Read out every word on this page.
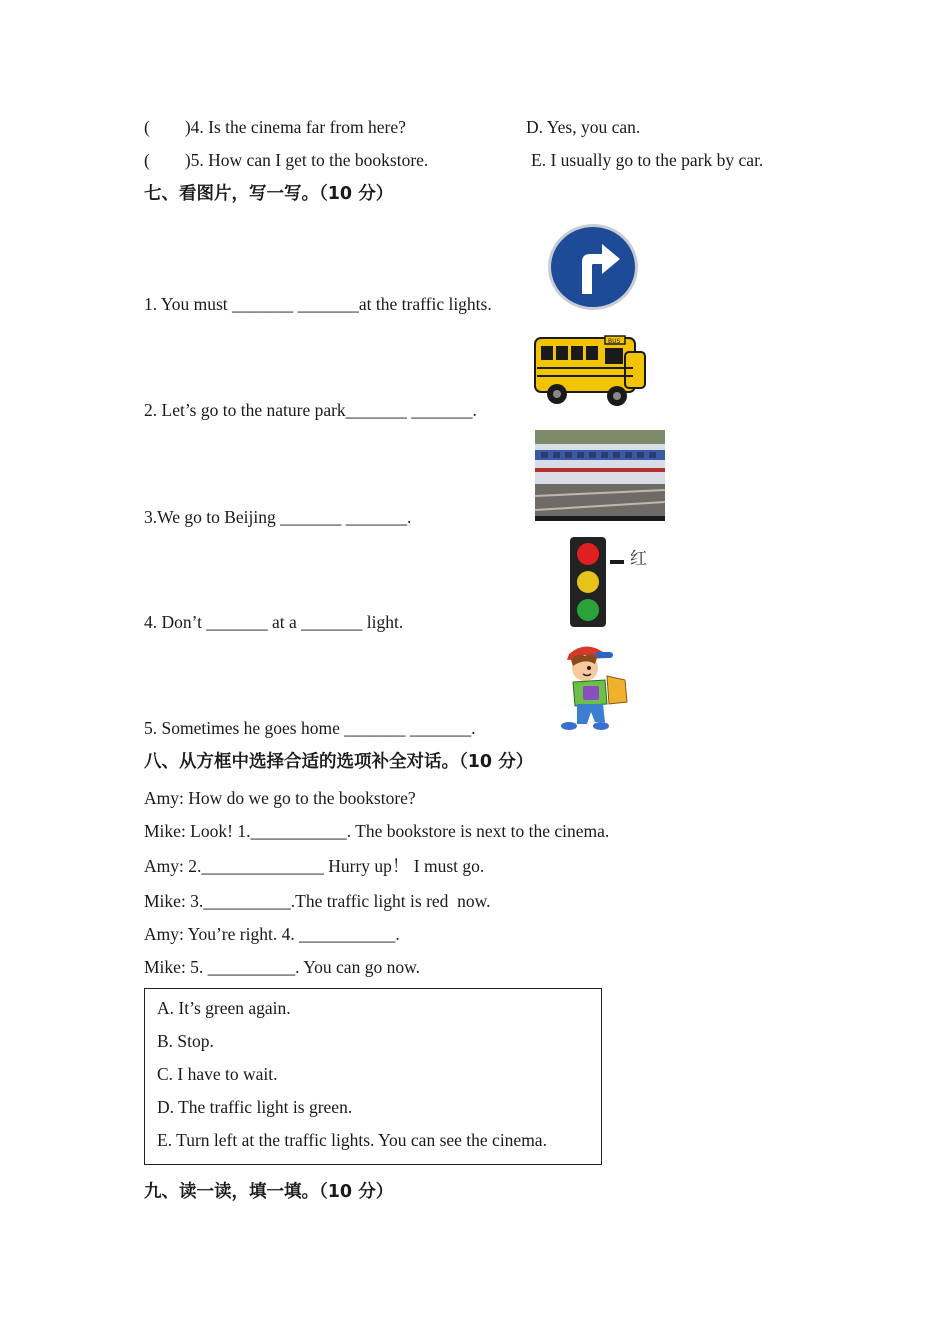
(        )4. Is the cinema far from here?	D. Yes, you can.
(        )5. How can I get to the bookstore.	E. I usually go to the park by car.
七、看图片，写一写。（10 分）
1. You must _______ _______at the traffic lights.
BUS
2. Let’s go to the nature park_______ _______.
3.We go to Beijing _______ _______.
红
4. Don’t _______ at a _______ light.
5. Sometimes he goes home _______ _______.
八、从方框中选择合适的选项补全对话。（10 分）
Amy: How do we go to the bookstore?
Mike: Look! 1.___________. The bookstore is next to the cinema.
Amy: 2.______________ Hurry up！ I must go.
Mike: 3.__________.The traffic light is red  now.
Amy: You’re right. 4. ___________.
Mike: 5. __________. You can go now.
A. It’s green again.
B. Stop.
C. I have to wait.
D. The traffic light is green.
E. Turn left at the traffic lights. You can see the cinema.
九、读一读，填一填。（10 分）
